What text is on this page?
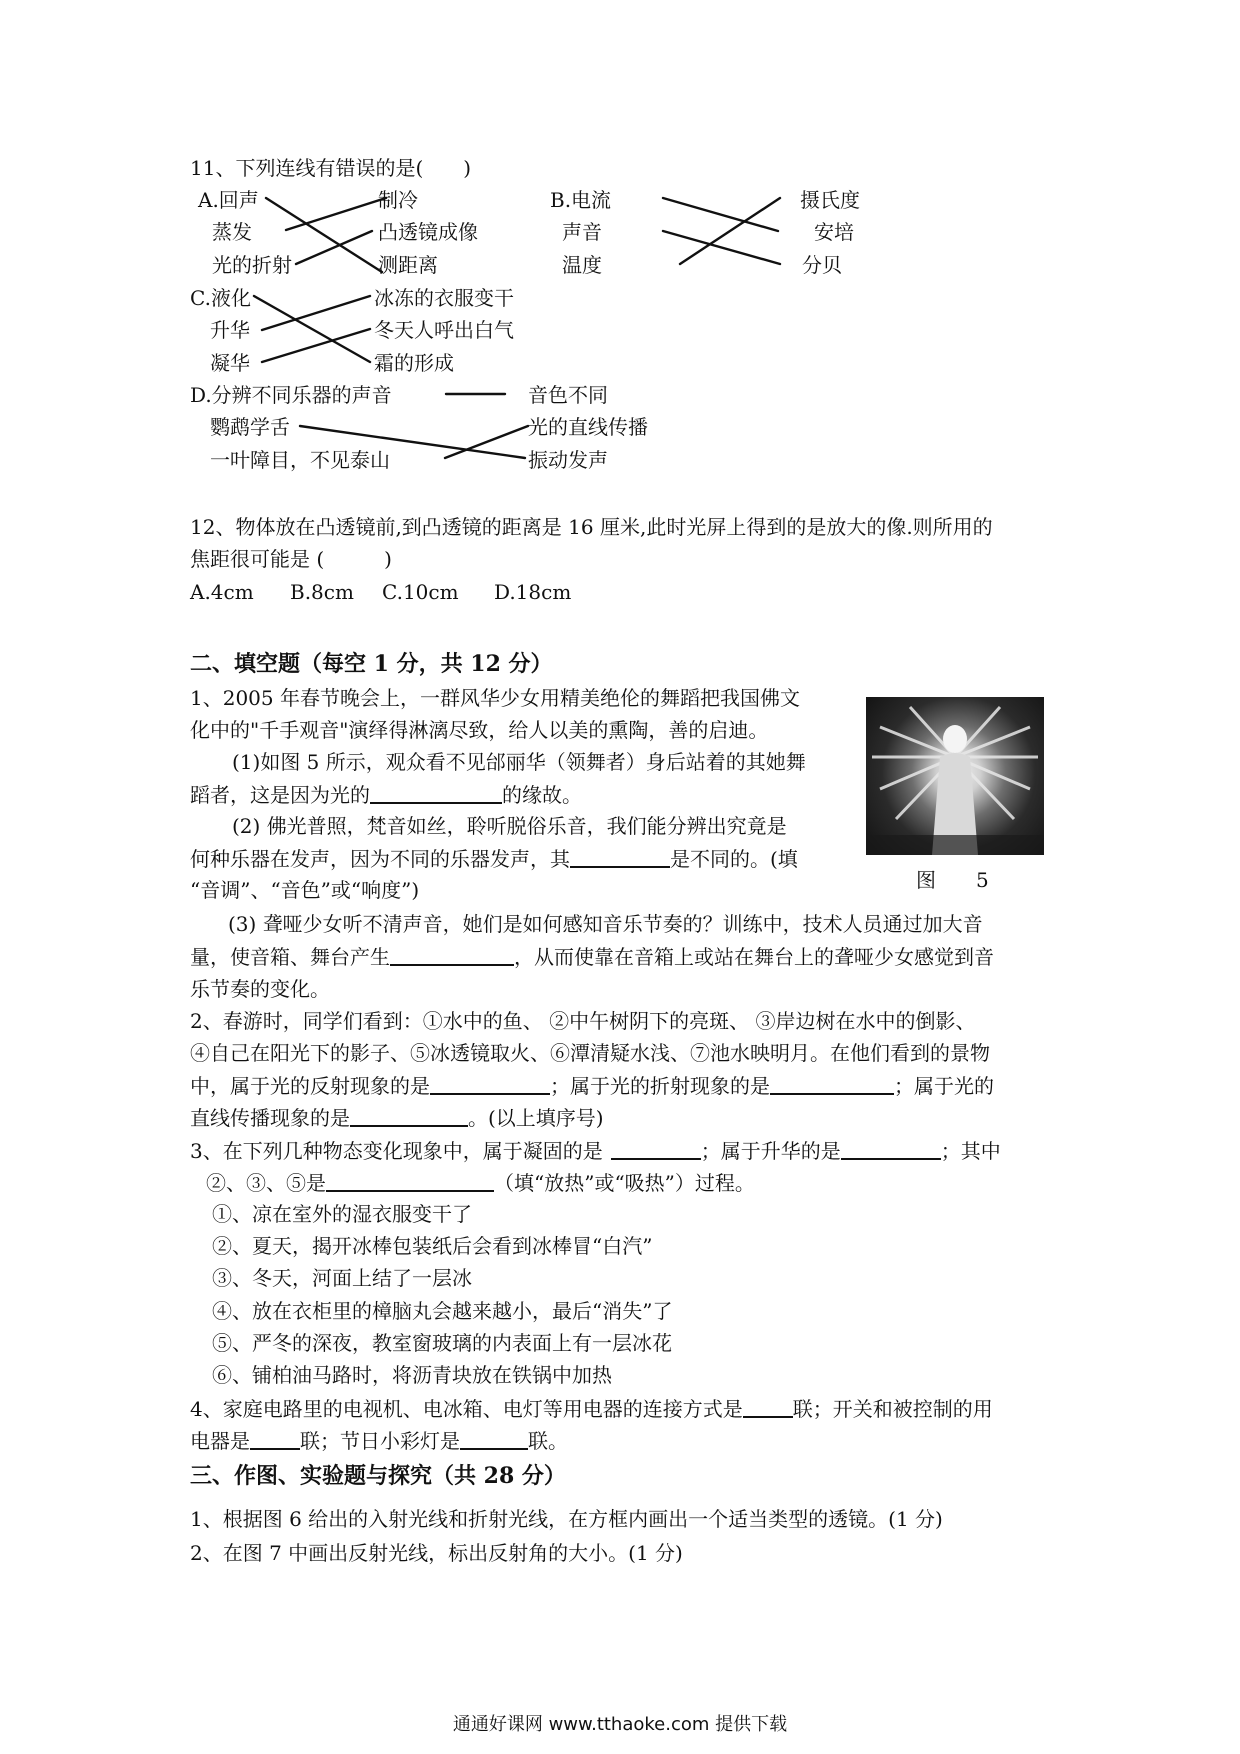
11、下列连线有错误的是(　　)
A.回声
蒸发
光的折射
制冷
凸透镜成像
测距离
B.电流
声音
温度
摄氏度
安培
分贝
C.液化
升华
凝华
冰冻的衣服变干
冬天人呼出白气
霜的形成
D.分辨不同乐器的声音
鹦鹉学舌
一叶障目，不见泰山
音色不同
光的直线传播
振动发声
12、物体放在凸透镜前,到凸透镜的距离是 16 厘米,此时光屏上得到的是放大的像.则所用的
焦距很可能是 (　　　)
A.4cm B.8cm C.10cm D.18cm
二、填空题（每空 1 分，共 12 分）
1、2005 年春节晚会上，一群风华少女用精美绝伦的舞蹈把我国佛文
化中的"千手观音"演绎得淋漓尽致，给人以美的熏陶，善的启迪。
(1)如图 5 所示，观众看不见邰丽华（领舞者）身后站着的其她舞
蹈者，这是因为光的	的缘故。
(2) 佛光普照，梵音如丝，聆听脱俗乐音，我们能分辨出究竟是
何种乐器在发声，因为不同的乐器发声，其	是不同的。(填
“音调”、“音色”或“响度”)	图　　5
(3) 聋哑少女听不清声音，她们是如何感知音乐节奏的？训练中，技术人员通过加大音
量，使音箱、舞台产生	，从而使靠在音箱上或站在舞台上的聋哑少女感觉到音
乐节奏的变化。
2、春游时，同学们看到：①水中的鱼、 ②中午树阴下的亮斑、 ③岸边树在水中的倒影、
④自己在阳光下的影子、⑤冰透镜取火、⑥潭清疑水浅、⑦池水映明月。在他们看到的景物
中，属于光的反射现象的是	；属于光的折射现象的是	；属于光的
直线传播现象的是	。(以上填序号)
3、在下列几种物态变化现象中，属于凝固的是	；属于升华的是	；其中
②、③、⑤是	（填“放热”或“吸热”）过程。
①、凉在室外的湿衣服变干了
②、夏天，揭开冰棒包装纸后会看到冰棒冒“白汽”
③、冬天，河面上结了一层冰
④、放在衣柜里的樟脑丸会越来越小，最后“消失”了
⑤、严冬的深夜，教室窗玻璃的内表面上有一层冰花
⑥、铺柏油马路时，将沥青块放在铁锅中加热
4、家庭电路里的电视机、电冰箱、电灯等用电器的连接方式是	联；开关和被控制的用
电器是	联；节日小彩灯是	联。
三、作图、实验题与探究（共 28 分）
1、根据图 6 给出的入射光线和折射光线，在方框内画出一个适当类型的透镜。(1 分)
2、在图 7 中画出反射光线，标出反射角的大小。(1 分)
通通好课网 www.tthaoke.com 提供下载
